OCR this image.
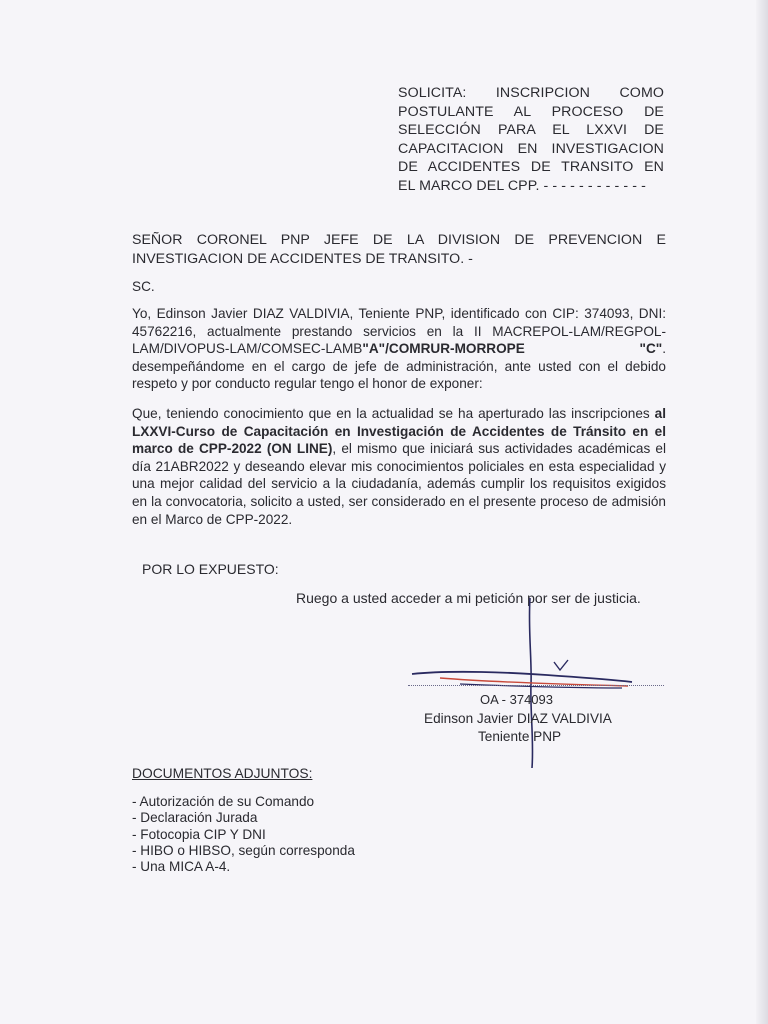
SOLICITA: INSCRIPCION COMO
POSTULANTE AL PROCESO DE
SELECCIÓN PARA EL LXXVI DE
CAPACITACION EN INVESTIGACION
DE ACCIDENTES DE TRANSITO EN
EL MARCO DEL CPP. - - - - - - - - - - - -
SEÑOR CORONEL PNP JEFE DE LA DIVISION DE PREVENCION E INVESTIGACION DE ACCIDENTES DE TRANSITO. -
SC.
Yo, Edinson Javier DIAZ VALDIVIA, Teniente PNP, identificado con CIP: 374093, DNI: 45762216, actualmente prestando servicios en la II MACREPOL-LAM/REGPOL-LAM/DIVOPUS-LAM/COMSEC-LAMB"A"/COMRUR-MORROPE "C". desempeñándome en el cargo de jefe de administración, ante usted con el debido respeto y por conducto regular tengo el honor de exponer:
Que, teniendo conocimiento que en la actualidad se ha aperturado las inscripciones al LXXVI-Curso de Capacitación en Investigación de Accidentes de Tránsito en el marco de CPP-2022 (ON LINE), el mismo que iniciará sus actividades académicas el día 21ABR2022 y deseando elevar mis conocimientos policiales en esta especialidad y una mejor calidad del servicio a la ciudadanía, además cumplir los requisitos exigidos en la convocatoria, solicito a usted, ser considerado en el presente proceso de admisión en el Marco de CPP-2022.
POR LO EXPUESTO:
Ruego a usted acceder a mi petición por ser de justicia.
OA - 374093
Edinson Javier DIAZ VALDIVIA
Teniente PNP
DOCUMENTOS ADJUNTOS:
- Autorización de su Comando
- Declaración Jurada
- Fotocopia CIP Y DNI
- HIBO o HIBSO, según corresponda
- Una MICA A-4.
